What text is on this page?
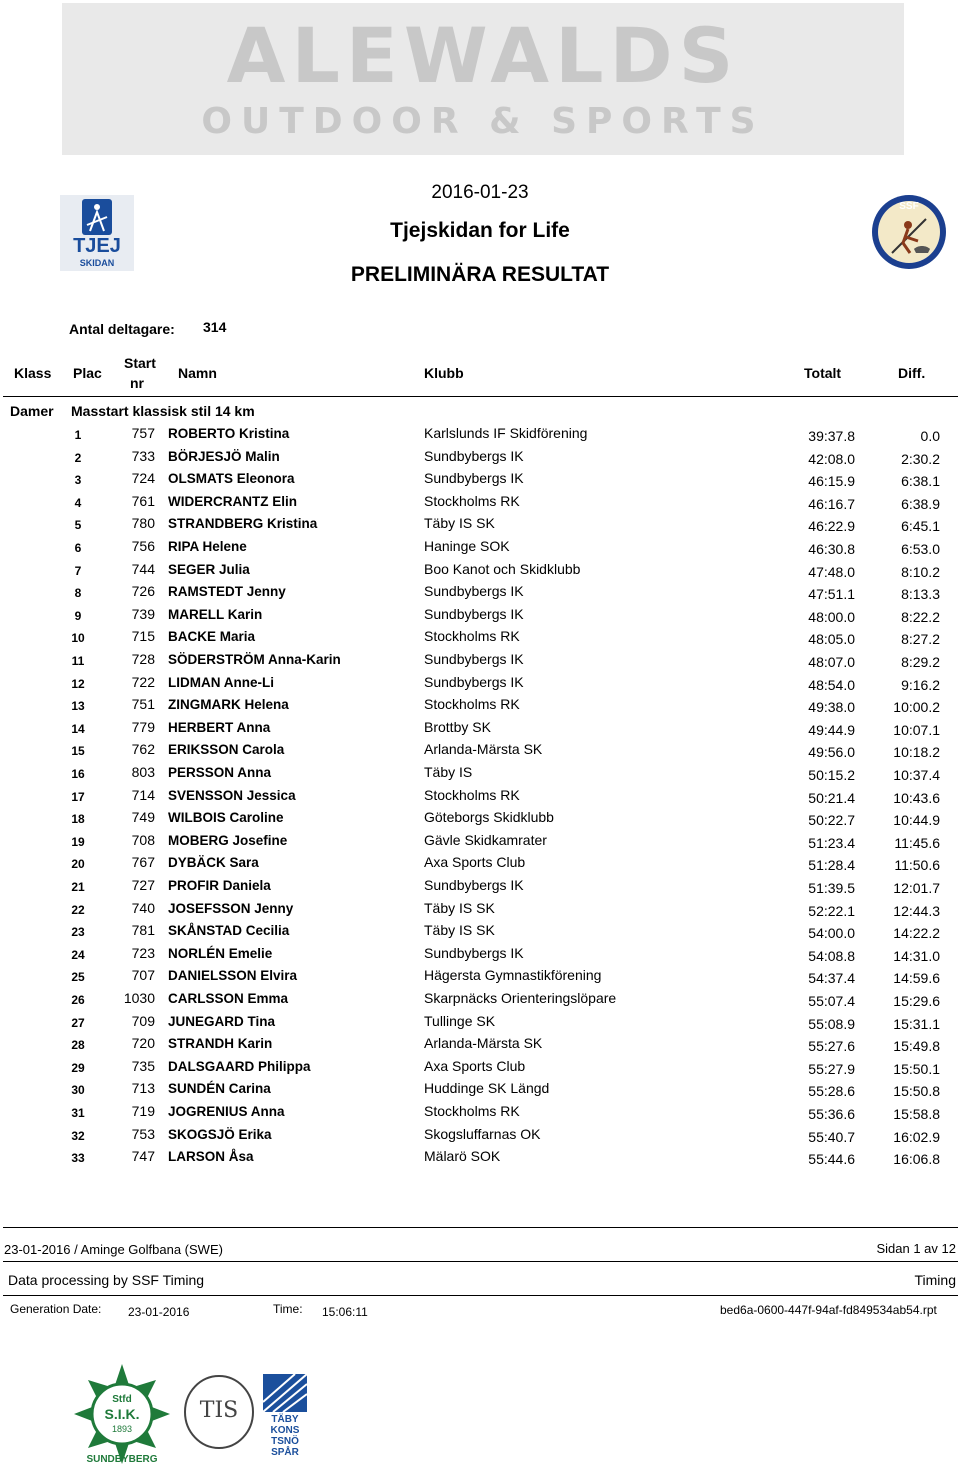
ALEWALDS
OUTDOOR & SPORTS
TJEJ
SKIDAN
SSF
2016-01-23
Tjejskidan for Life
PRELIMINÄRA RESULTAT
Antal deltagare: 314
Klass Plac
Start
nr
Namn	Klubb	Totalt	Diff.
Damer Masstart klassisk stil 14 km
1	757 ROBERTO Kristina	Karlslunds IF Skidförening	39:37.8	0.0
2	733 BÖRJESJÖ Malin	Sundbybergs IK	42:08.0	2:30.2
3	724 OLSMATS Eleonora	Sundbybergs IK	46:15.9	6:38.1
4	761 WIDERCRANTZ Elin	Stockholms RK	46:16.7	6:38.9
5	780 STRANDBERG Kristina	Täby IS SK	46:22.9	6:45.1
6	756 RIPA Helene	Haninge SOK	46:30.8	6:53.0
7	744 SEGER Julia	Boo Kanot och Skidklubb	47:48.0	8:10.2
8	726 RAMSTEDT Jenny	Sundbybergs IK	47:51.1	8:13.3
9	739 MARELL Karin	Sundbybergs IK	48:00.0	8:22.2
10	715 BACKE Maria	Stockholms RK	48:05.0	8:27.2
11	728 SÖDERSTRÖM Anna-Karin	Sundbybergs IK	48:07.0	8:29.2
12	722 LIDMAN Anne-Li	Sundbybergs IK	48:54.0	9:16.2
13	751 ZINGMARK Helena	Stockholms RK	49:38.0	10:00.2
14	779 HERBERT Anna	Brottby SK	49:44.9	10:07.1
15	762 ERIKSSON Carola	Arlanda-Märsta SK	49:56.0	10:18.2
16	803 PERSSON Anna	Täby IS	50:15.2	10:37.4
17	714 SVENSSON Jessica	Stockholms RK	50:21.4	10:43.6
18	749 WILBOIS Caroline	Göteborgs Skidklubb	50:22.7	10:44.9
19	708 MOBERG Josefine	Gävle Skidkamrater	51:23.4	11:45.6
20	767 DYBÄCK Sara	Axa Sports Club	51:28.4	11:50.6
21	727 PROFIR Daniela	Sundbybergs IK	51:39.5	12:01.7
22	740 JOSEFSSON Jenny	Täby IS SK	52:22.1	12:44.3
23	781 SKÅNSTAD Cecilia	Täby IS SK	54:00.0	14:22.2
24	723 NORLÉN Emelie	Sundbybergs IK	54:08.8	14:31.0
25	707 DANIELSSON Elvira	Hägersta Gymnastikförening	54:37.4	14:59.6
26	1030 CARLSSON Emma	Skarpnäcks Orienteringslöpare	55:07.4	15:29.6
27	709 JUNEGARD Tina	Tullinge SK	55:08.9	15:31.1
28	720 STRANDH Karin	Arlanda-Märsta SK	55:27.6	15:49.8
29	735 DALSGAARD Philippa	Axa Sports Club	55:27.9	15:50.1
30	713 SUNDÉN Carina	Huddinge SK Längd	55:28.6	15:50.8
31	719 JOGRENIUS Anna	Stockholms RK	55:36.6	15:58.8
32	753 SKOGSJÖ Erika	Skogsluffarnas OK	55:40.7	16:02.9
33	747 LARSON Åsa	Mälarö SOK	55:44.6	16:06.8
23-01-2016 / Aminge Golfbana (SWE)	Sidan 1 av 12
Data processing by SSF Timing	Timing
Generation Date: 23-01-2016	Time: 15:06:11	bed6a-0600-447f-94af-fd849534ab54.rpt
Stfd
S.I.K.
1893
SUNDBYBERG
TIS	TÄBY
KONS
TSNÖ
SPÅR
